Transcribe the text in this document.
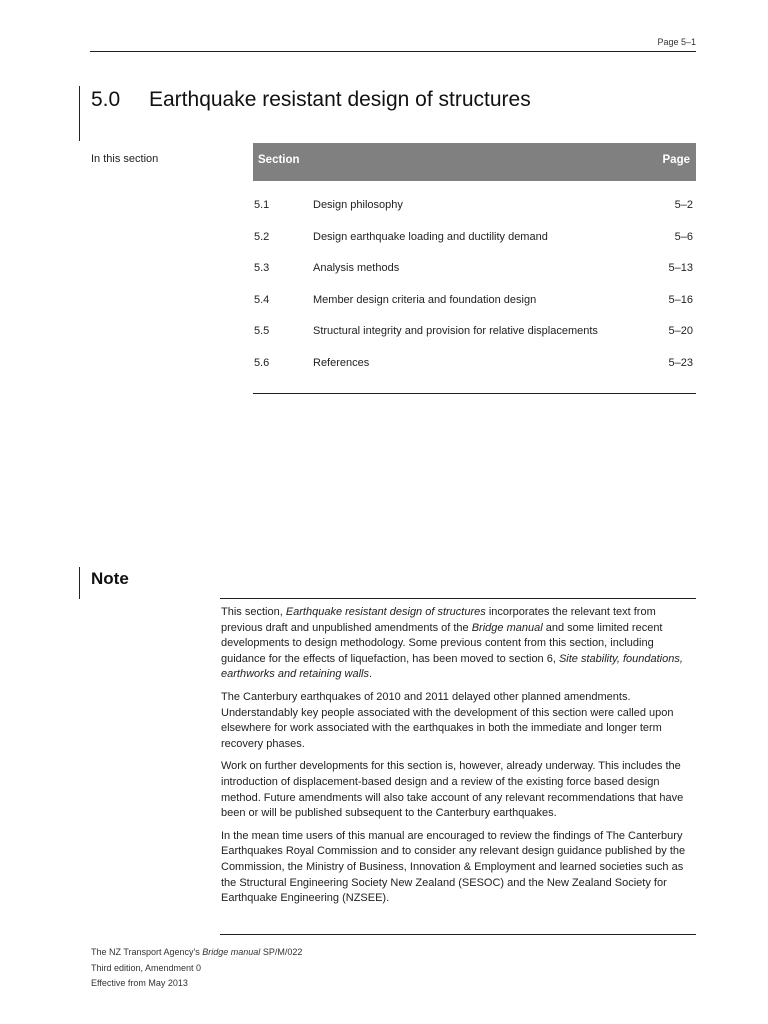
Page 5–1
5.0 Earthquake resistant design of structures
In this section	Section	Page
5.1	Design philosophy	5–2
5.2	Design earthquake loading and ductility demand	5–6
5.3	Analysis methods	5–13
5.4	Member design criteria and foundation design	5–16
5.5	Structural integrity and provision for relative displacements	5–20
5.6	References	5–23
Note

This section, Earthquake resistant design of structures incorporates the relevant text from previous draft and unpublished amendments of the Bridge manual and some limited recent developments to design methodology. Some previous content from this section, including guidance for the effects of liquefaction, has been moved to section 6, Site stability, foundations, earthworks and retaining walls.

The Canterbury earthquakes of 2010 and 2011 delayed other planned amendments. Understandably key people associated with the development of this section were called upon elsewhere for work associated with the earthquakes in both the immediate and longer term recovery phases.

Work on further developments for this section is, however, already underway. This includes the introduction of displacement-based design and a review of the existing force based design method. Future amendments will also take account of any relevant recommendations that have been or will be published subsequent to the Canterbury earthquakes.

In the mean time users of this manual are encouraged to review the findings of The Canterbury Earthquakes Royal Commission and to consider any relevant design guidance published by the Commission, the Ministry of Business, Innovation & Employment and learned societies such as the Structural Engineering Society New Zealand (SESOC) and the New Zealand Society for Earthquake Engineering (NZSEE).

The NZ Transport Agency's Bridge manual SP/M/022
Third edition, Amendment 0
Effective from May 2013
